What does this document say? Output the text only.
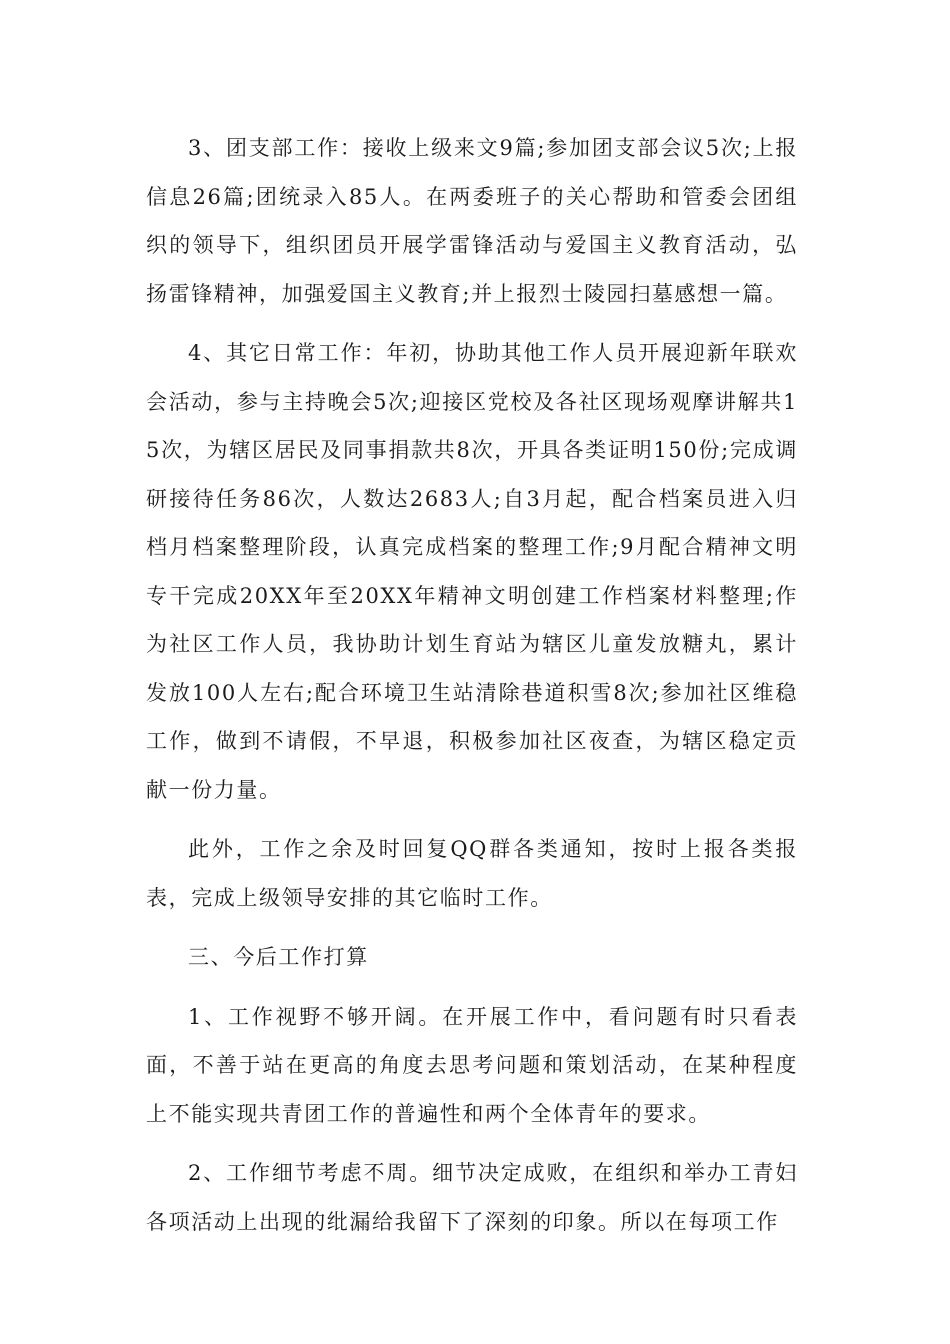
3、团支部工作：接收上级来文9篇;参加团支部会议5次;上报信息26篇;团统录入85人。在两委班子的关心帮助和管委会团组织的领导下，组织团员开展学雷锋活动与爱国主义教育活动，弘扬雷锋精神，加强爱国主义教育;并上报烈士陵园扫墓感想一篇。

4、其它日常工作：年初，协助其他工作人员开展迎新年联欢会活动，参与主持晚会5次;迎接区党校及各社区现场观摩讲解共15次，为辖区居民及同事捐款共8次，开具各类证明150份;完成调研接待任务86次，人数达2683人;自3月起，配合档案员进入归档月档案整理阶段，认真完成档案的整理工作;9月配合精神文明专干完成20XX年至20XX年精神文明创建工作档案材料整理;作为社区工作人员，我协助计划生育站为辖区儿童发放糖丸，累计发放100人左右;配合环境卫生站清除巷道积雪8次;参加社区维稳工作，做到不请假，不早退，积极参加社区夜查，为辖区稳定贡献一份力量。

此外，工作之余及时回复QQ群各类通知，按时上报各类报表，完成上级领导安排的其它临时工作。

三、今后工作打算

1、工作视野不够开阔。在开展工作中，看问题有时只看表面，不善于站在更高的角度去思考问题和策划活动，在某种程度上不能实现共青团工作的普遍性和两个全体青年的要求。

2、工作细节考虑不周。细节决定成败，在组织和举办工青妇各项活动上出现的纰漏给我留下了深刻的印象。所以在每项工作
